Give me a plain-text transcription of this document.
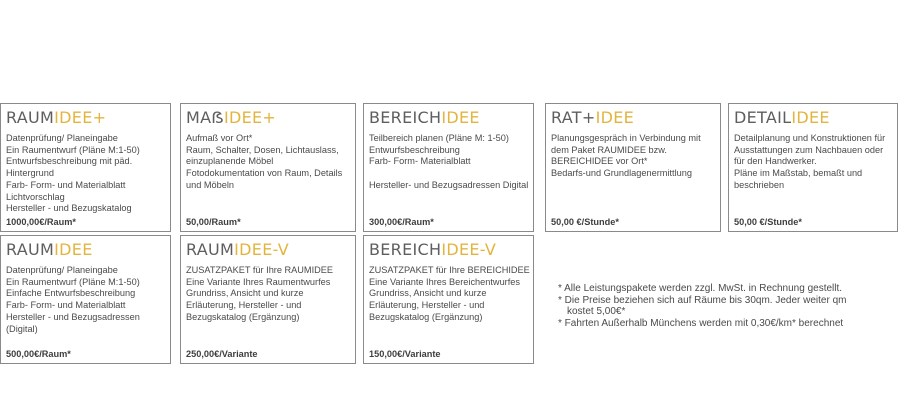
RAUMIDEE+
Datenprüfung/ Planeingabe
Ein Raumentwurf (Pläne M:1-50)
Entwurfsbeschreibung mit päd. Hintergrund
Farb- Form- und Materialblatt
Lichtvorschlag
Hersteller - und Bezugskatalog
1000,00€/Raum*
MAẞIDEE+
Aufmaß vor Ort*
Raum, Schalter, Dosen, Lichtauslass, einzuplanende Möbel
Fotodokumentation von Raum, Details und Möbeln
50,00/Raum*
BEREICHIDEE
Teilbereich planen (Pläne M: 1-50) Entwurfsbeschreibung
Farb- Form- Materialblatt

Hersteller- und Bezugsadressen Digital
300,00€/Raum*
RAT+IDEE
Planungsgespräch in Verbindung mit dem Paket RAUMIDEE bzw. BEREICHIDEE vor Ort*
Bedarfs-und Grundlagenermittlung
50,00 €/Stunde*
DETAILIDEE
Detailplanung und Konstruktionen für Ausstattungen zum Nachbauen oder für den Handwerker.
Pläne im Maßstab, bemaßt und beschrieben
50,00 €/Stunde*
RAUMIDEE
Datenprüfung/ Planeingabe
Ein Raumentwurf (Pläne M:1-50)
Einfache Entwurfsbeschreibung
Farb- Form- und Materialblatt
Hersteller - und Bezugsadressen (Digital)
500,00€/Raum*
RAUMIDEE-V
ZUSATZPAKET für Ihre RAUMIDEE
Eine Variante Ihres Raumentwurfes
Grundriss, Ansicht und kurze Erläuterung, Hersteller - und Bezugskatalog (Ergänzung)
250,00€/Variante
BEREICHIDEE-V
ZUSATZPAKET für Ihre BEREICHIDEE
Eine Variante Ihres Bereichentwurfes
Grundriss, Ansicht und kurze Erläuterung, Hersteller - und Bezugskatalog (Ergänzung)
150,00€/Variante
* Alle Leistungspakete werden zzgl. MwSt. in Rechnung gestellt.
* Die Preise beziehen sich auf Räume bis 30qm. Jeder weiter qm kostet 5,00€*
* Fahrten Außerhalb Münchens werden mit 0,30€/km* berechnet
